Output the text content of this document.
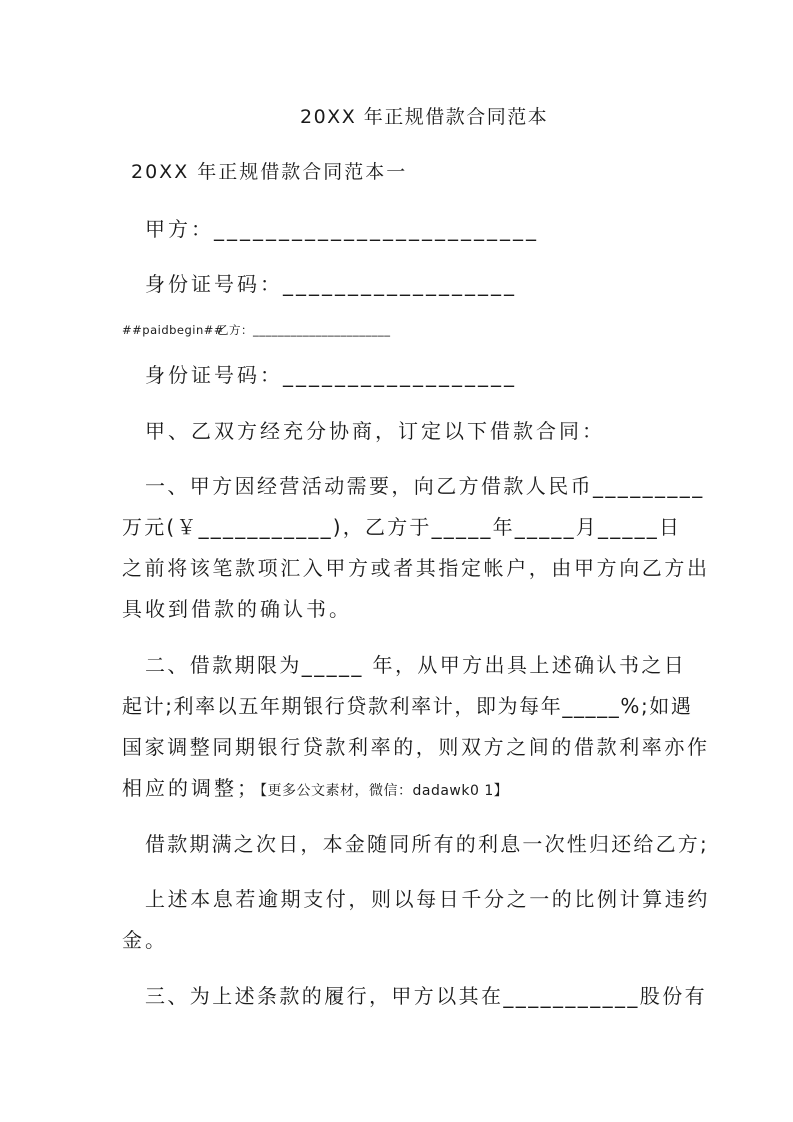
20XX 年正规借款合同范本
20XX 年正规借款合同范本一
甲方：_________________________
身份证号码：__________________
##paidbegin##
乙方：______________________
身份证号码：__________________
甲、乙双方经充分协商，订定以下借款合同：
一、甲方因经营活动需要，向乙方借款人民币_________
万元(￥___________)，乙方于_____年_____月_____日
之前将该笔款项汇入甲方或者其指定帐户，由甲方向乙方出
具收到借款的确认书。
二、借款期限为_____ 年，从甲方出具上述确认书之日
起计;利率以五年期银行贷款利率计，即为每年_____%;如遇
国家调整同期银行贷款利率的，则双方之间的借款利率亦作
相应的调整；【更多公文素材，微信：dadawk0 1】
借款期满之次日，本金随同所有的利息一次性归还给乙方;
上述本息若逾期支付，则以每日千分之一的比例计算违约
金。
三、为上述条款的履行，甲方以其在___________股份有
